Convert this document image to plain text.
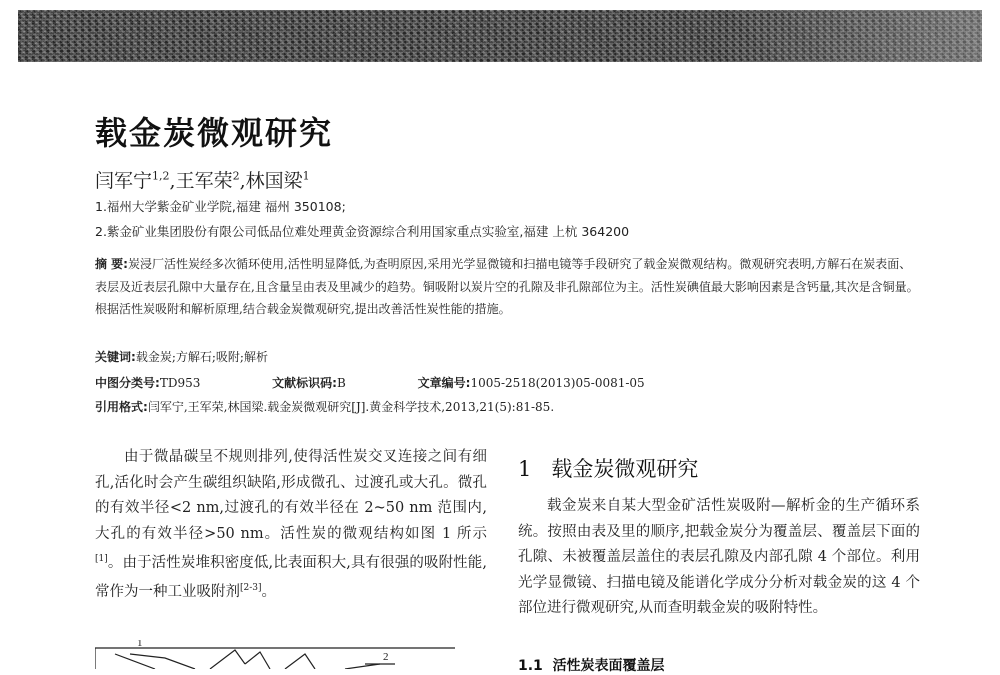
载金炭微观研究
闫军宁$^{1,2}$,王军荣$^2$,林国梁$^1$
1.福州大学紫金矿业学院,福建 福州 350108;
2.紫金矿业集团股份有限公司低品位难处理黄金资源综合利用国家重点实验室,福建 上杭 364200
摘 要:炭浸厂活性炭经多次循环使用,活性明显降低,为查明原因,采用光学显微镜和扫描电镜等手段研究了载金炭微观结构。微观研究表明,方解石在炭表面、表层及近表层孔隙中大量存在,且含量呈由表及里减少的趋势。铜吸附以炭片空的孔隙及非孔隙部位为主。活性炭碘值最大影响因素是含钙量,其次是含铜量。根据活性炭吸附和解析原理,结合载金炭微观研究,提出改善活性炭性能的措施。
关键词:载金炭;方解石;吸附;解析
中图分类号:TD953	文献标识码:B	文章编号:1005-2518(2013)05-0081-05
引用格式:闫军宁,王军荣,林国梁.载金炭微观研究[J].黄金科学技术,2013,21(5):81-85.
由于微晶碳呈不规则排列,使得活性炭交叉连接之间有细孔,活化时会产生碳组织缺陷,形成微孔、过渡孔或大孔。微孔的有效半径<2 nm,过渡孔的有效半径在 2~50 nm 范围内,大孔的有效半径>50 nm。活性炭的微观结构如图 1 所示[1]。由于活性炭堆积密度低,比表面积大,具有很强的吸附性能,常作为一种工业吸附剂[2-3]。
1
2
1 载金炭微观研究
载金炭来自某大型金矿活性炭吸附—解析金的生产循环系统。按照由表及里的顺序,把载金炭分为覆盖层、覆盖层下面的孔隙、未被覆盖层盖住的表层孔隙及内部孔隙 4 个部位。利用光学显微镜、扫描电镜及能谱化学成分分析对载金炭的这 4 个部位进行微观研究,从而查明载金炭的吸附特性。
1.1 活性炭表面覆盖层
